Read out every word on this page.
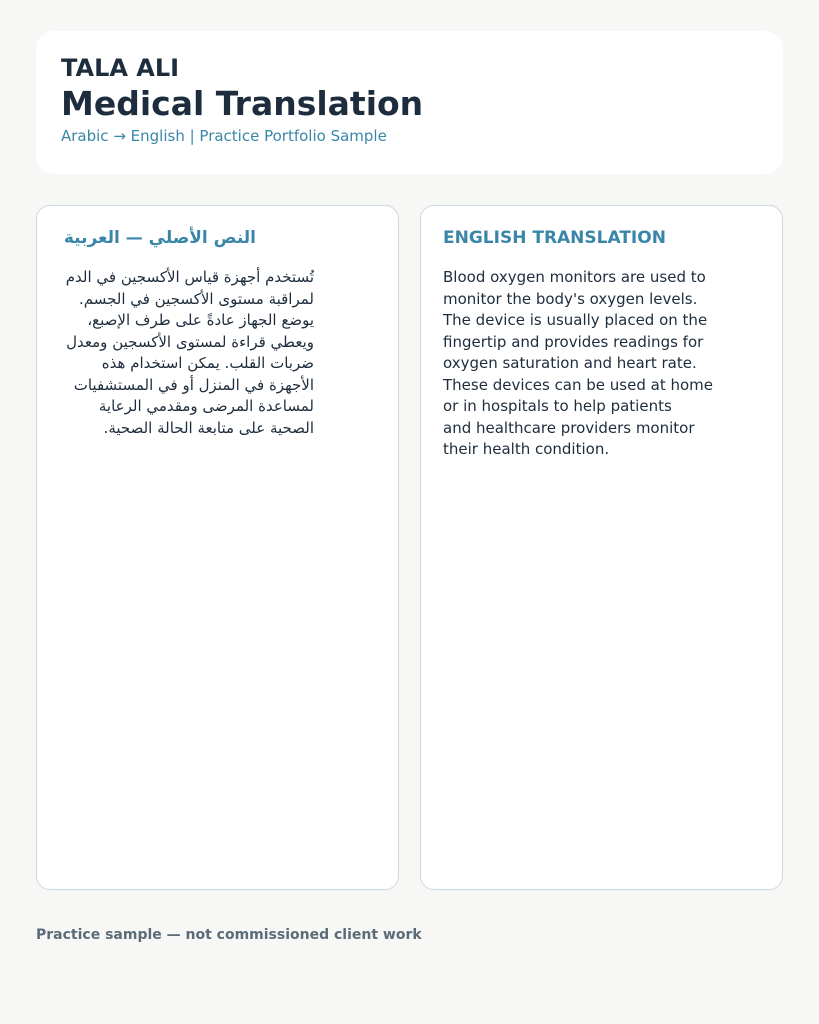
TALA ALI

Medical Translation

Arabic → English | Practice Portfolio Sample

النص الأصلي — العربية
تُستخدم أجهزة قياس الأكسجين في الدم
لمراقبة مستوى الأكسجين في الجسم.
يوضع الجهاز عادةً على طرف الإصبع،
ويعطي قراءة لمستوى الأكسجين ومعدل
ضربات القلب. يمكن استخدام هذه
الأجهزة في المنزل أو في المستشفيات
لمساعدة المرضى ومقدمي الرعاية
الصحية على متابعة الحالة الصحية.
ENGLISH TRANSLATION
Blood oxygen monitors are used to
monitor the body's oxygen levels.
The device is usually placed on the
fingertip and provides readings for
oxygen saturation and heart rate.
These devices can be used at home
or in hospitals to help patients
and healthcare providers monitor
their health condition.
Practice sample — not commissioned client work
